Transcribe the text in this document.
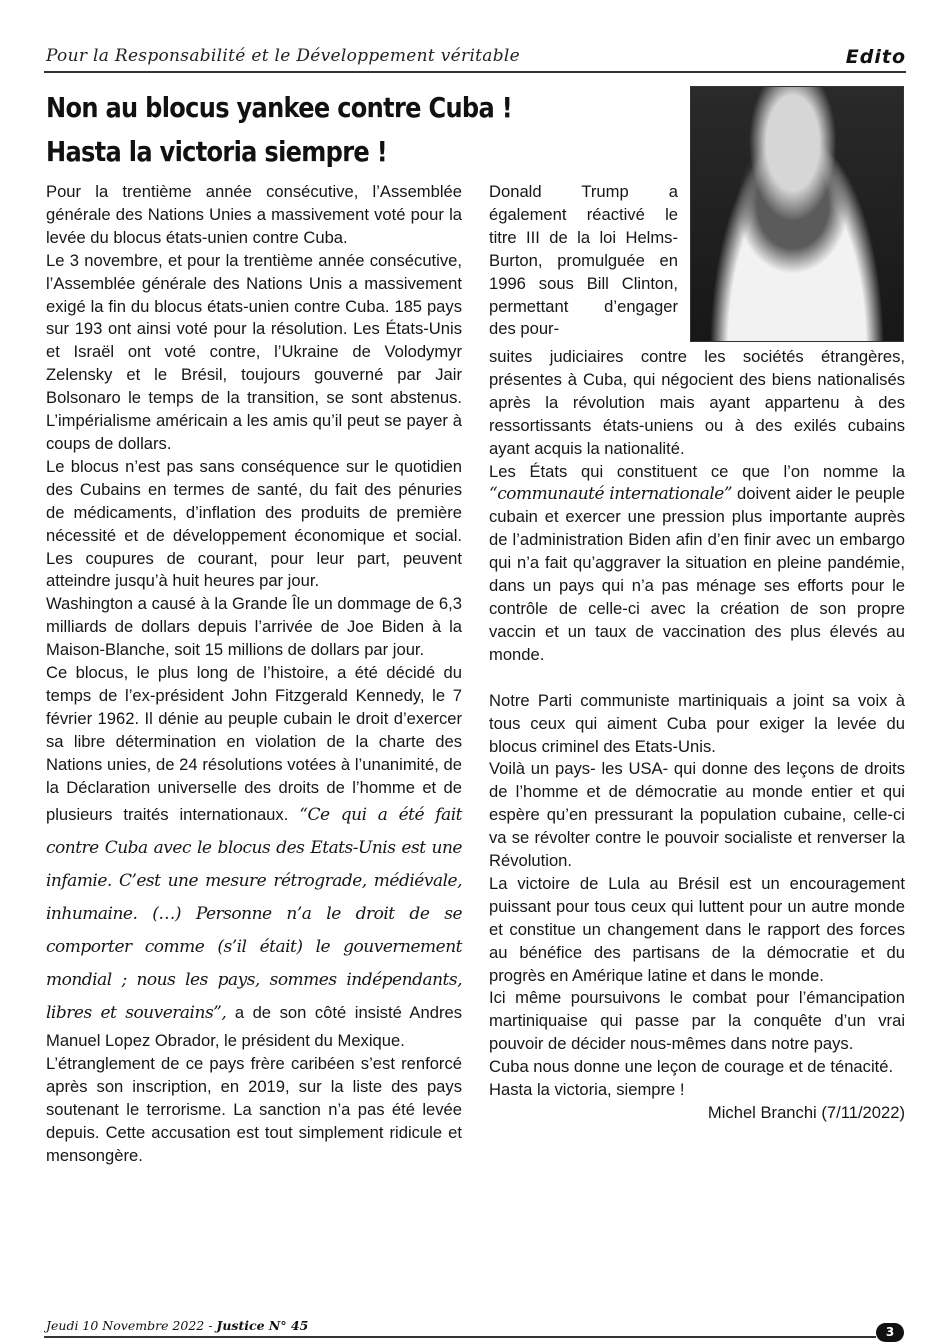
Pour la Responsabilité et le Développement véritable	Edito
Non au blocus yankee contre Cuba !
Hasta la victoria siempre !

Pour la trentième année consécutive, l’Assemblée générale des Nations Unies a massivement voté pour la levée du blocus états-unien contre Cuba.

Le 3 novembre, et pour la trentième année consécutive, l’Assemblée générale des Nations Unis a massivement exigé la fin du blocus états-unien contre Cuba. 185 pays sur 193 ont ainsi voté pour la résolution. Les États-Unis et Israël ont voté contre, l’Ukraine de Volodymyr Zelensky et le Brésil, toujours gouverné par Jair Bolsonaro le temps de la transition, se sont abstenus. L’impérialisme américain a les amis qu’il peut se payer à coups de dollars.

Le blocus n’est pas sans conséquence sur le quotidien des Cubains en termes de santé, du fait des pénuries de médicaments, d’inflation des produits de première nécessité et de développement économique et social. Les coupures de courant, pour leur part, peuvent atteindre jusqu’à huit heures par jour.

Washington a causé à la Grande Île un dommage de 6,3 milliards de dollars depuis l’arrivée de Joe Biden à la Maison-Blanche, soit 15 millions de dollars par jour.

Ce blocus, le plus long de l’histoire, a été décidé du temps de l’ex-président John Fitzgerald Kennedy, le 7 février 1962. Il dénie au peuple cubain le droit d’exercer sa libre détermination en violation de la charte des Nations unies, de 24 résolutions votées à l’unanimité, de la Déclaration universelle des droits de l’homme et de plusieurs traités internationaux. “Ce qui a été fait contre Cuba avec le blocus des Etats-Unis est une infamie. C’est une mesure rétrograde, médiévale, inhumaine. (…) Personne n’a le droit de se comporter comme (s’il était) le gouvernement mondial ; nous les pays, sommes indépendants, libres et souverains”, a de son côté insisté Andres Manuel Lopez Obrador, le président du Mexique.

L’étranglement de ce pays frère caribéen s’est renforcé après son inscription, en 2019, sur la liste des pays soutenant le terrorisme. La sanction n’a pas été levée depuis. Cette accusation est tout simplement ridicule et mensongère.

Donald Trump a également réactivé le titre III de la loi Helms-Burton, promulguée en 1996 sous Bill Clinton, permettant d’engager des pour-

suites judiciaires contre les sociétés étrangères, présentes à Cuba, qui négocient des biens nationalisés après la révolution mais ayant appartenu à des ressortissants états-uniens ou à des exilés cubains ayant acquis la nationalité.

Les États qui constituent ce que l’on nomme la “communauté internationale” doivent aider le peuple cubain et exercer une pression plus importante auprès de l’administration Biden afin d’en finir avec un embargo qui n’a fait qu’aggraver la situation en pleine pandémie, dans un pays qui n’a pas ménage ses efforts pour le contrôle de celle-ci avec la création de son propre vaccin et un taux de vaccination des plus élevés au monde.

Notre Parti communiste martiniquais a joint sa voix à tous ceux qui aiment Cuba pour exiger la levée du blocus criminel des Etats-Unis.

Voilà un pays- les USA- qui donne des leçons de droits de l’homme et de démocratie au monde entier et qui espère qu’en pressurant la population cubaine, celle-ci va se révolter contre le pouvoir socialiste et renverser la Révolution.

La victoire de Lula au Brésil est un encouragement puissant pour tous ceux qui luttent pour un autre monde et constitue un changement dans le rapport des forces au bénéfice des partisans de la démocratie et du progrès en Amérique latine et dans le monde.

Ici même poursuivons le combat pour l’émancipation martiniquaise qui passe par la conquête d’un vrai pouvoir de décider nous-mêmes dans notre pays.

Cuba nous donne une leçon de courage et de ténacité.

Hasta la victoria, siempre !

Michel Branchi (7/11/2022)

Jeudi 10 Novembre 2022 - Justice N° 45	3
